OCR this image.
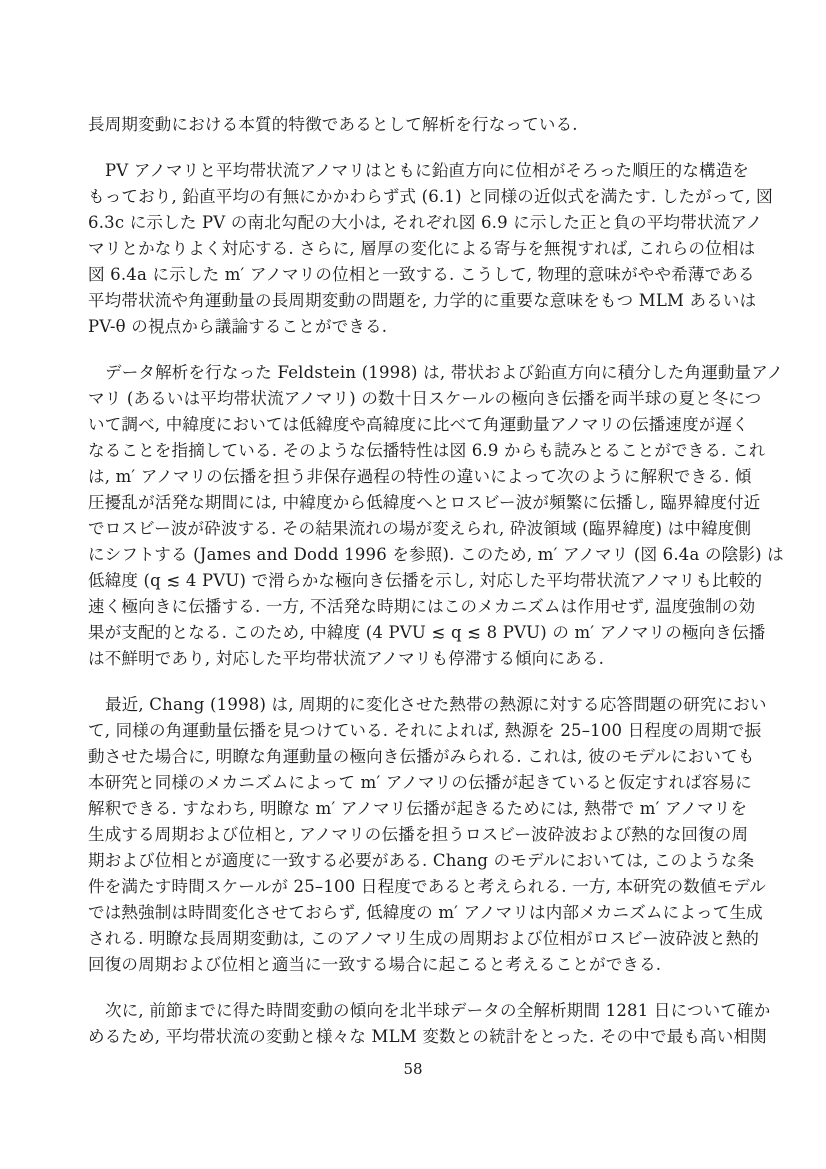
長周期変動における本質的特徴であるとして解析を行なっている.
PV アノマリと平均帯状流アノマリはともに鉛直方向に位相がそろった順圧的な構造を
もっており, 鉛直平均の有無にかかわらず式 (6.1) と同様の近似式を満たす. したがって, 図
6.3c に示した PV の南北勾配の大小は, それぞれ図 6.9 に示した正と負の平均帯状流アノ
マリとかなりよく対応する. さらに, 層厚の変化による寄与を無視すれば, これらの位相は
図 6.4a に示した m′ アノマリの位相と一致する. こうして, 物理的意味がやや希薄である
平均帯状流や角運動量の長周期変動の問題を, 力学的に重要な意味をもつ MLM あるいは
PV-θ の視点から議論することができる.
データ解析を行なった Feldstein (1998) は, 帯状および鉛直方向に積分した角運動量アノ
マリ (あるいは平均帯状流アノマリ) の数十日スケールの極向き伝播を両半球の夏と冬につ
いて調べ, 中緯度においては低緯度や高緯度に比べて角運動量アノマリの伝播速度が遅く
なることを指摘している. そのような伝播特性は図 6.9 からも読みとることができる. これ
は, m′ アノマリの伝播を担う非保存過程の特性の違いによって次のように解釈できる. 傾
圧擾乱が活発な期間には, 中緯度から低緯度へとロスビー波が頻繁に伝播し, 臨界緯度付近
でロスビー波が砕波する. その結果流れの場が変えられ, 砕波領域 (臨界緯度) は中緯度側
にシフトする (James and Dodd 1996 を参照). このため, m′ アノマリ (図 6.4a の陰影) は
低緯度 (q ≲ 4 PVU) で滑らかな極向き伝播を示し, 対応した平均帯状流アノマリも比較的
速く極向きに伝播する. 一方, 不活発な時期にはこのメカニズムは作用せず, 温度強制の効
果が支配的となる. このため, 中緯度 (4 PVU ≲ q ≲ 8 PVU) の m′ アノマリの極向き伝播
は不鮮明であり, 対応した平均帯状流アノマリも停滞する傾向にある.
最近, Chang (1998) は, 周期的に変化させた熱帯の熱源に対する応答問題の研究におい
て, 同様の角運動量伝播を見つけている. それによれば, 熱源を 25–100 日程度の周期で振
動させた場合に, 明瞭な角運動量の極向き伝播がみられる. これは, 彼のモデルにおいても
本研究と同様のメカニズムによって m′ アノマリの伝播が起きていると仮定すれば容易に
解釈できる. すなわち, 明瞭な m′ アノマリ伝播が起きるためには, 熱帯で m′ アノマリを
生成する周期および位相と, アノマリの伝播を担うロスビー波砕波および熱的な回復の周
期および位相とが適度に一致する必要がある. Chang のモデルにおいては, このような条
件を満たす時間スケールが 25–100 日程度であると考えられる. 一方, 本研究の数値モデル
では熱強制は時間変化させておらず, 低緯度の m′ アノマリは内部メカニズムによって生成
される. 明瞭な長周期変動は, このアノマリ生成の周期および位相がロスビー波砕波と熱的
回復の周期および位相と適当に一致する場合に起こると考えることができる.
次に, 前節までに得た時間変動の傾向を北半球データの全解析期間 1281 日について確か
めるため, 平均帯状流の変動と様々な MLM 変数との統計をとった. その中で最も高い相関
58
